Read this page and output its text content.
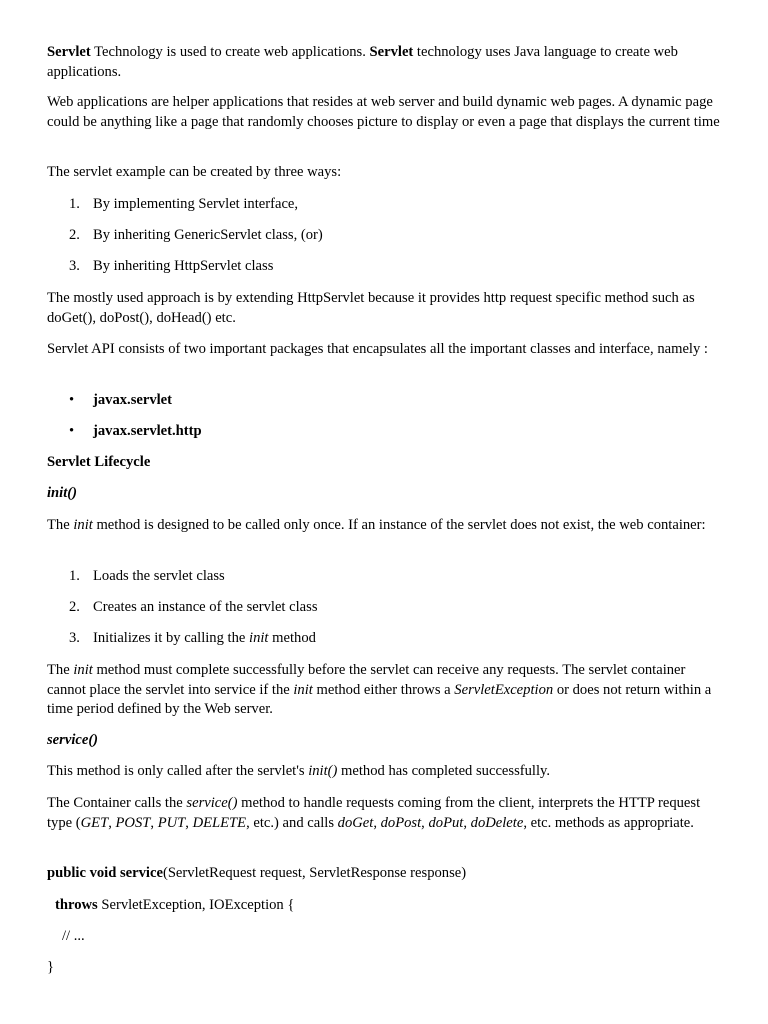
Servlet Technology is used to create web applications. Servlet technology uses Java language to create web applications.

Web applications are helper applications that resides at web server and build dynamic web pages. A dynamic page could be anything like a page that randomly chooses picture to display or even a page that displays the current time

The servlet example can be created by three ways:

1. By implementing Servlet interface,

2. By inheriting GenericServlet class, (or)

3. By inheriting HttpServlet class

The mostly used approach is by extending HttpServlet because it provides http request specific method such as doGet(), doPost(), doHead() etc.

Servlet API consists of two important packages that encapsulates all the important classes and interface, namely :

• javax.servlet

• javax.servlet.http

Servlet Lifecycle

init()

The init method is designed to be called only once. If an instance of the servlet does not exist, the web container:

1. Loads the servlet class

2. Creates an instance of the servlet class

3. Initializes it by calling the init method

The init method must complete successfully before the servlet can receive any requests. The servlet container cannot place the servlet into service if the init method either throws a ServletException or does not return within a time period defined by the Web server.

service()

This method is only called after the servlet's init() method has completed successfully.

The Container calls the service() method to handle requests coming from the client, interprets the HTTP request type (GET, POST, PUT, DELETE, etc.) and calls doGet, doPost, doPut, doDelete, etc. methods as appropriate.

public void service(ServletRequest request, ServletResponse response)

throws ServletException, IOException {

// ...

}
